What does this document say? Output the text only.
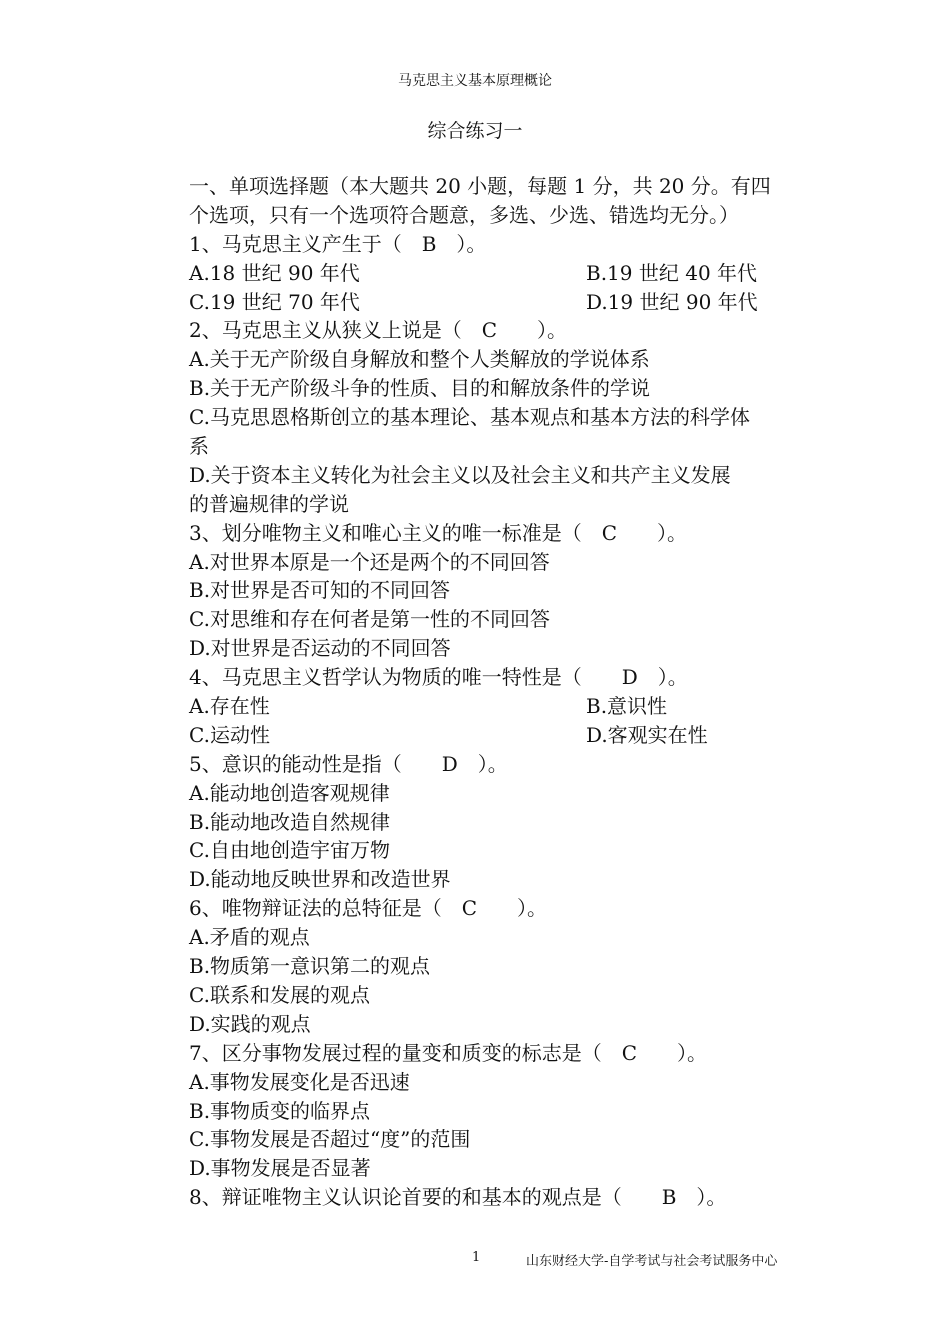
马克思主义基本原理概论
综合练习一
一、单项选择题（本大题共 20 小题，每题 1 分，共 20 分。有四
个选项，只有一个选项符合题意，多选、少选、错选均无分。）
1、马克思主义产生于（　B　）。
A.18 世纪 90 年代	B.19 世纪 40 年代
C.19 世纪 70 年代	D.19 世纪 90 年代
2、马克思主义从狭义上说是（　C　　）。
A.关于无产阶级自身解放和整个人类解放的学说体系
B.关于无产阶级斗争的性质、目的和解放条件的学说
C.马克思恩格斯创立的基本理论、基本观点和基本方法的科学体
系
D.关于资本主义转化为社会主义以及社会主义和共产主义发展
的普遍规律的学说
3、划分唯物主义和唯心主义的唯一标准是（　C　　）。
A.对世界本原是一个还是两个的不同回答
B.对世界是否可知的不同回答
C.对思维和存在何者是第一性的不同回答
D.对世界是否运动的不同回答
4、马克思主义哲学认为物质的唯一特性是（　　D　）。
A.存在性	B.意识性
C.运动性	D.客观实在性
5、意识的能动性是指（　　D　）。
A.能动地创造客观规律
B.能动地改造自然规律
C.自由地创造宇宙万物
D.能动地反映世界和改造世界
6、唯物辩证法的总特征是（　C　　）。
A.矛盾的观点
B.物质第一意识第二的观点
C.联系和发展的观点
D.实践的观点
7、区分事物发展过程的量变和质变的标志是（　C　　）。
A.事物发展变化是否迅速
B.事物质变的临界点
C.事物发展是否超过“度”的范围
D.事物发展是否显著
8、辩证唯物主义认识论首要的和基本的观点是（　　B　）。
1	山东财经大学-自学考试与社会考试服务中心
